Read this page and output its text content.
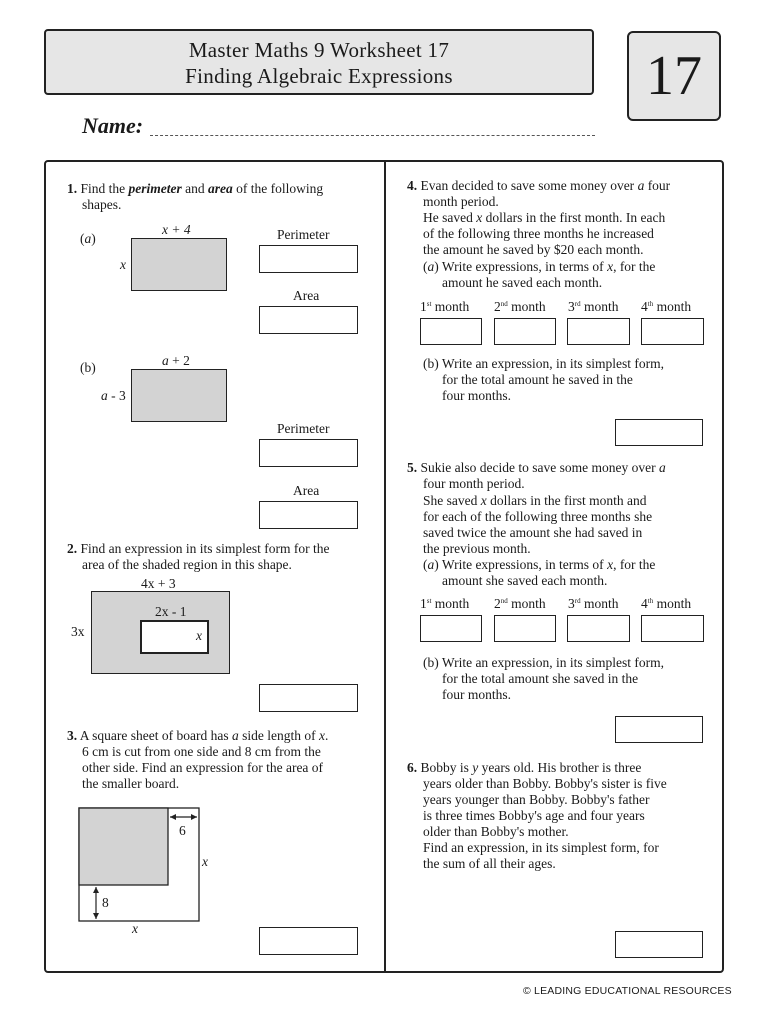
Master Maths 9 Worksheet 17
Finding Algebraic Expressions	17
Name:
1. Find the perimeter and area of the following
shapes.
(a)
x + 4
x
Perimeter
Area
(b)	a + 2
a - 3
Perimeter
Area
2. Find an expression in its simplest form for the
area of the shaded region in this shape.
4x + 3
3x
2x - 1
x
3. A square sheet of board has a side length of x.
6 cm is cut from one side and 8 cm from the
other side. Find an expression for the area of
the smaller board.
6
8
x
x
4. Evan decided to save some money over a four
month period.
He saved x dollars in the first month. In each
of the following three months he increased
the amount he saved by $20 each month.
(a) Write expressions, in terms of x, for the
amount he saved each month.
1st month 2nd month 3rd month 4th month
(b) Write an expression, in its simplest form,
for the total amount he saved in the
four months.
5. Sukie also decide to save some money over a
four month period.
She saved x dollars in the first month and
for each of the following three months she
saved twice the amount she had saved in
the previous month.
(a) Write expressions, in terms of x, for the
amount she saved each month.
1st month 2nd month 3rd month 4th month
(b) Write an expression, in its simplest form,
for the total amount she saved in the
four months.
6. Bobby is y years old. His brother is three
years older than Bobby. Bobby's sister is five
years younger than Bobby. Bobby's father
is three times Bobby's age and four years
older than Bobby's mother.
Find an expression, in its simplest form, for
the sum of all their ages.
© LEADING EDUCATIONAL RESOURCES
